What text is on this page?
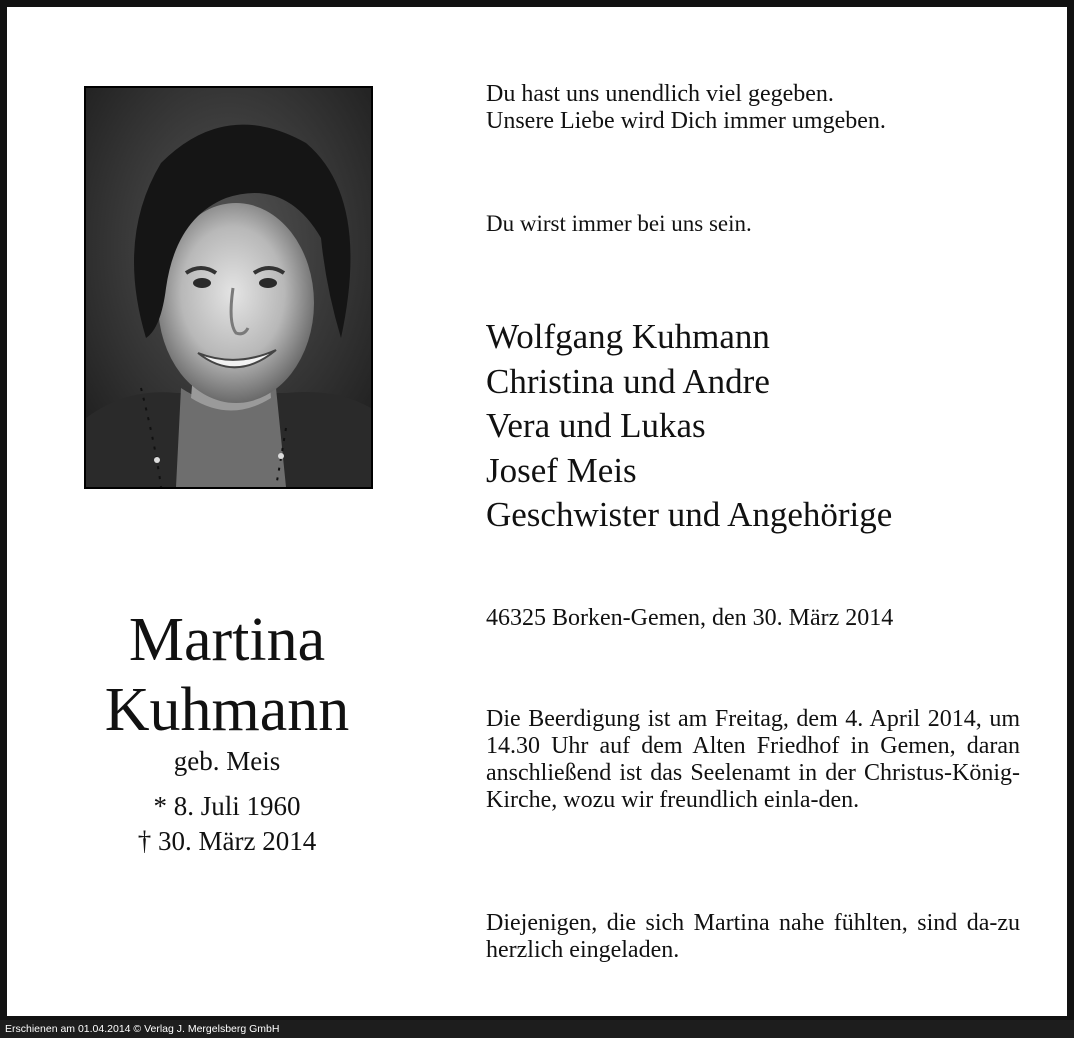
Martina
Kuhmann
geb. Meis
* 8. Juli 1960
† 30. März 2014
Du hast uns unendlich viel gegeben.
Unsere Liebe wird Dich immer umgeben.
Du wirst immer bei uns sein.
Wolfgang Kuhmann
Christina und Andre
Vera und Lukas
Josef Meis
Geschwister und Angehörige
46325 Borken-Gemen, den 30. März 2014
Die Beerdigung ist am Freitag, dem 4. April 2014, um 14.30 Uhr auf dem Alten Friedhof in Gemen, daran anschließend ist das Seelenamt in der Christus-König- Kirche, wozu wir freundlich einla-den.
Diejenigen, die sich Martina nahe fühlten, sind da-zu herzlich eingeladen.
Erschienen am 01.04.2014 © Verlag J. Mergelsberg GmbH
